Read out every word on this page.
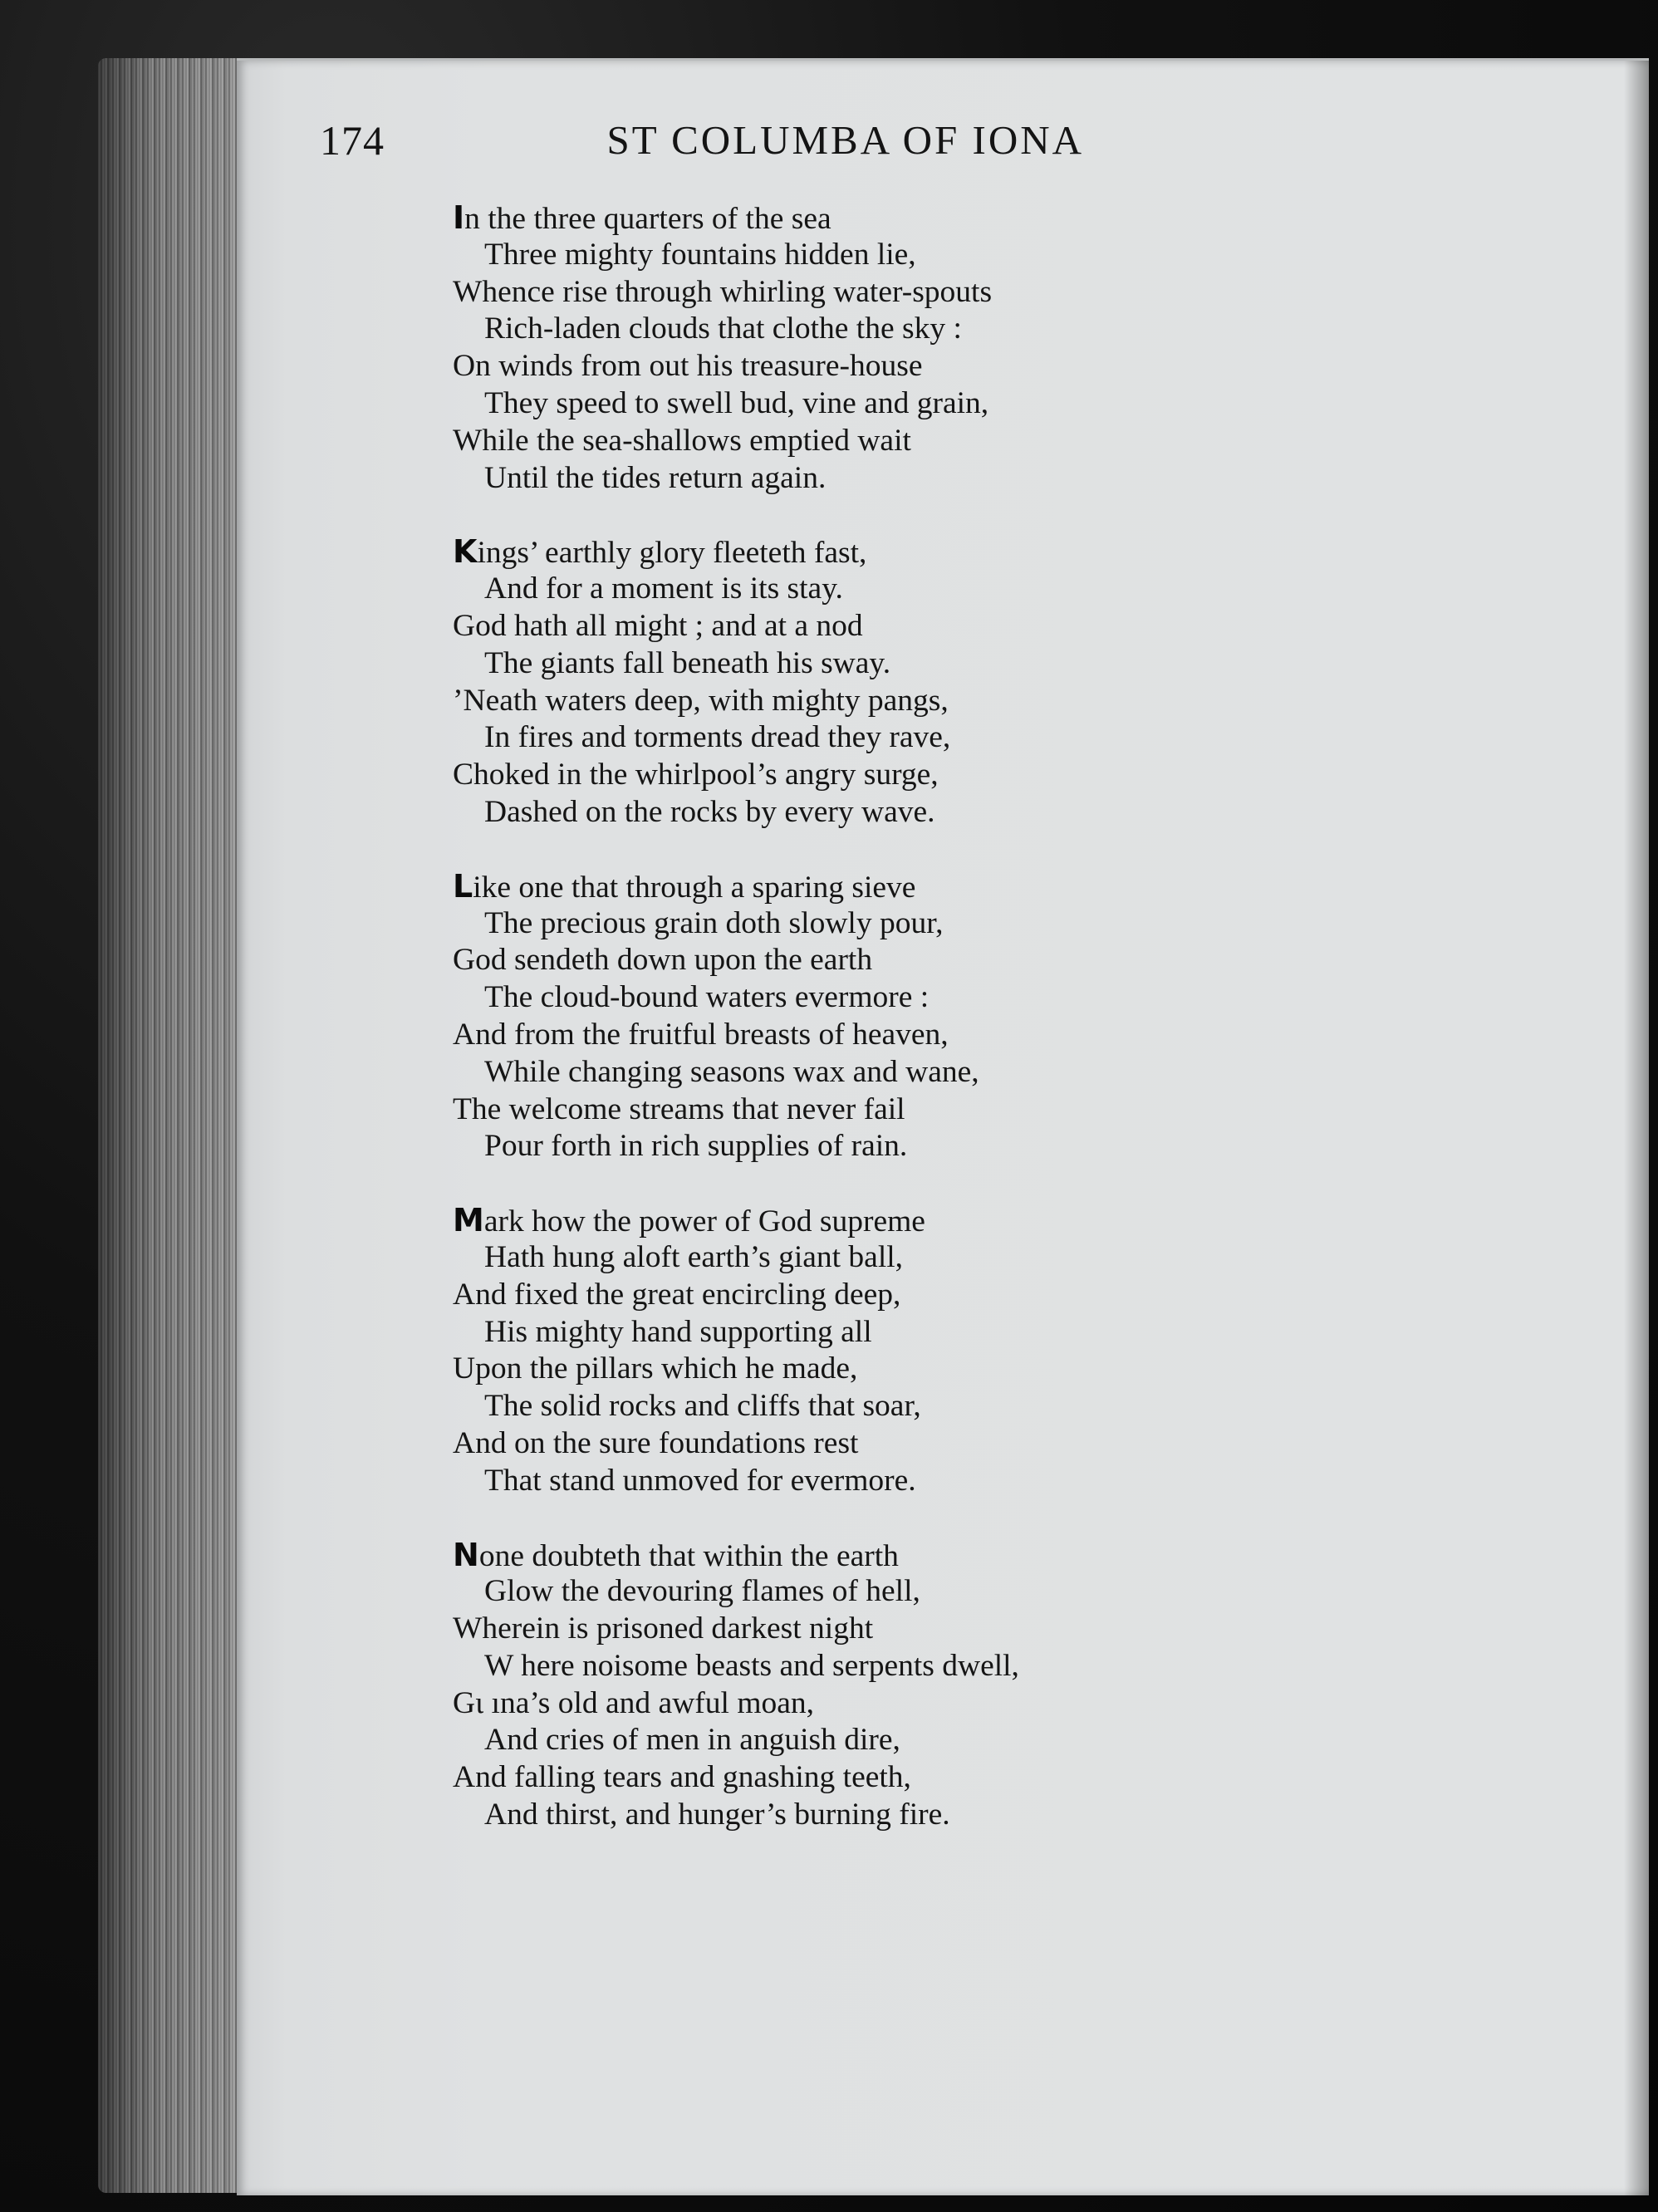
174	ST COLUMBA OF IONA
In the three quarters of the sea
Three mighty fountains hidden lie,
Whence rise through whirling water-spouts
Rich-laden clouds that clothe the sky :
On winds from out his treasure-house
They speed to swell bud, vine and grain,
While the sea-shallows emptied wait
Until the tides return again.
Kings’ earthly glory fleeteth fast,
And for a moment is its stay.
God hath all might ; and at a nod
The giants fall beneath his sway.
’Neath waters deep, with mighty pangs,
In fires and torments dread they rave,
Choked in the whirlpool’s angry surge,
Dashed on the rocks by every wave.
Like one that through a sparing sieve
The precious grain doth slowly pour,
God sendeth down upon the earth
The cloud-bound waters evermore :
And from the fruitful breasts of heaven,
While changing seasons wax and wane,
The welcome streams that never fail
Pour forth in rich supplies of rain.
Mark how the power of God supreme
Hath hung aloft earth’s giant ball,
And fixed the great encircling deep,
His mighty hand supporting all
Upon the pillars which he made,
The solid rocks and cliffs that soar,
And on the sure foundations rest
That stand unmoved for evermore.
None doubteth that within the earth
Glow the devouring flames of hell,
Wherein is prisoned darkest night
W here noisome beasts and serpents dwell,
Gι ına’s old and awful moan,
And cries of men in anguish dire,
And falling tears and gnashing teeth,
And thirst, and hunger’s burning fire.
